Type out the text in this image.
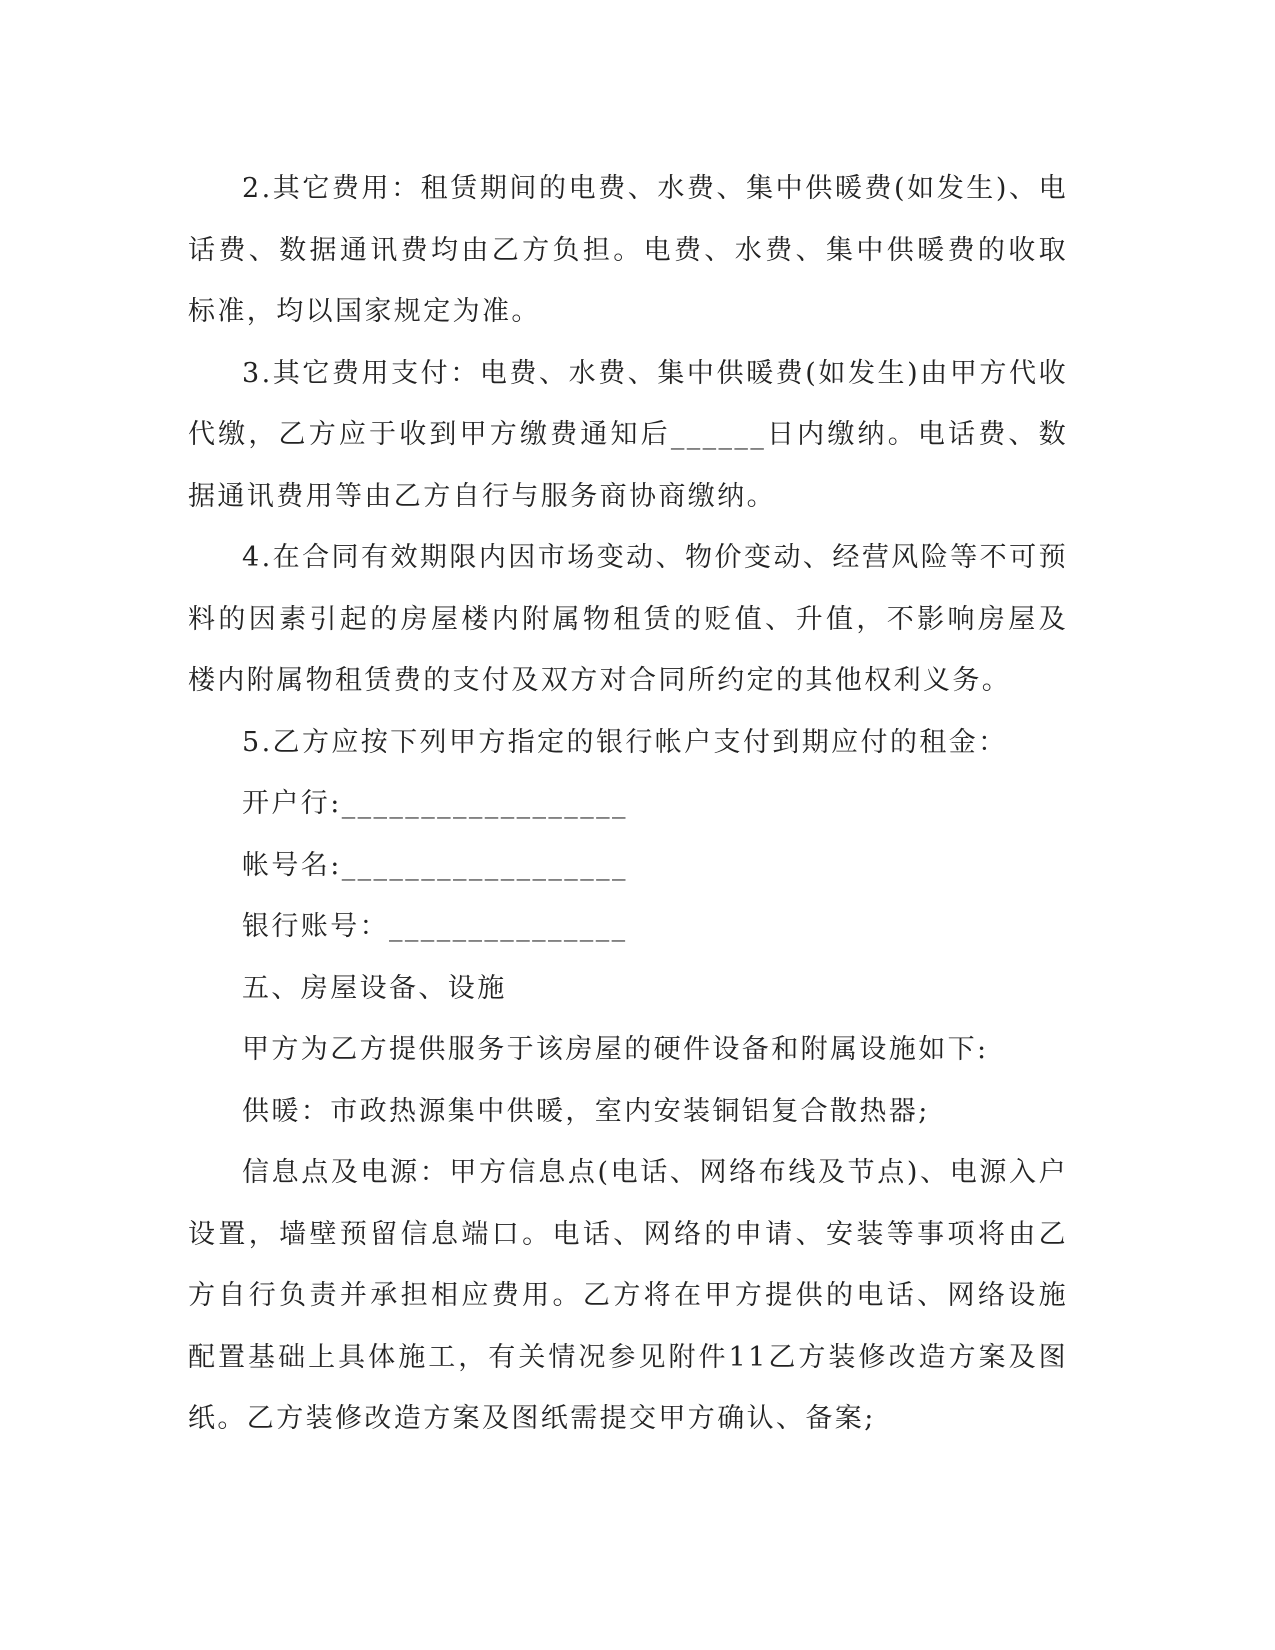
2.其它费用：租赁期间的电费、水费、集中供暖费(如发生)、电话费、数据通讯费均由乙方负担。电费、水费、集中供暖费的收取标准，均以国家规定为准。

3.其它费用支付：电费、水费、集中供暖费(如发生)由甲方代收代缴，乙方应于收到甲方缴费通知后______日内缴纳。电话费、数据通讯费用等由乙方自行与服务商协商缴纳。

4.在合同有效期限内因市场变动、物价变动、经营风险等不可预料的因素引起的房屋楼内附属物租赁的贬值、升值，不影响房屋及楼内附属物租赁费的支付及双方对合同所约定的其他权利义务。

5.乙方应按下列甲方指定的银行帐户支付到期应付的租金：

开户行:__________________

帐号名:__________________

银行账号：_______________

五、房屋设备、设施

甲方为乙方提供服务于该房屋的硬件设备和附属设施如下:

供暖：市政热源集中供暖，室内安装铜铝复合散热器;

信息点及电源：甲方信息点(电话、网络布线及节点)、电源入户设置，墙壁预留信息端口。电话、网络的申请、安装等事项将由乙方自行负责并承担相应费用。乙方将在甲方提供的电话、网络设施配置基础上具体施工，有关情况参见附件11乙方装修改造方案及图纸。乙方装修改造方案及图纸需提交甲方确认、备案;
